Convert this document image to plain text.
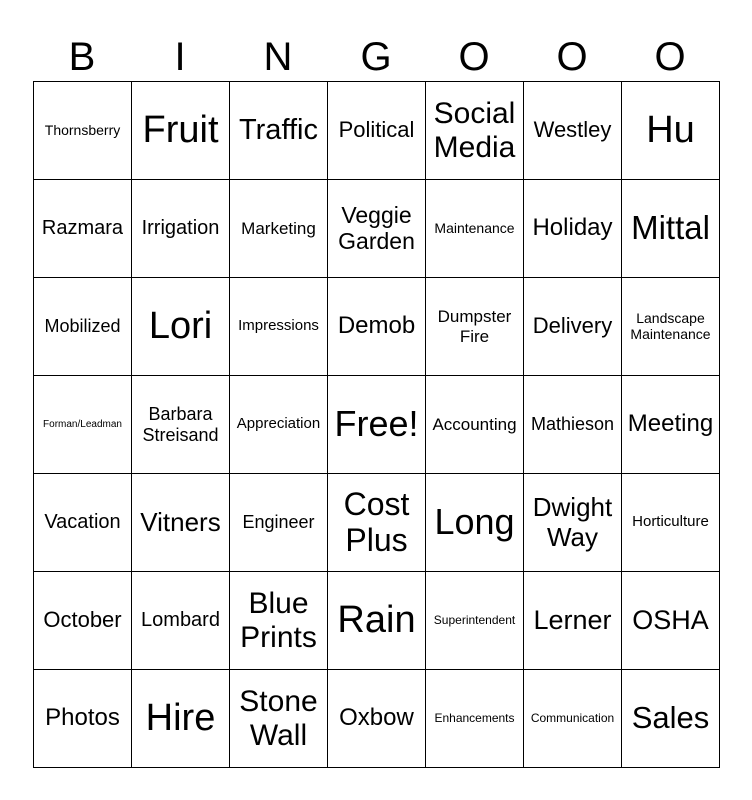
B	I	N	G	O	O	O
Thornsberry	Fruit	Traffic	Political	Social Media	Westley	Hu
Razmara	Irrigation	Marketing	Veggie Garden	Maintenance	Holiday	Mittal
Mobilized	Lori	Impressions	Demob	Dumpster Fire	Delivery	Landscape Maintenance
Forman/Leadman	Barbara Streisand	Appreciation	Free!	Accounting	Mathieson	Meeting
Vacation	Vitners	Engineer	Cost Plus	Long	Dwight Way	Horticulture
October	Lombard	Blue Prints	Rain	Superintendent	Lerner	OSHA
Photos	Hire	Stone Wall	Oxbow	Enhancements	Communication	Sales
